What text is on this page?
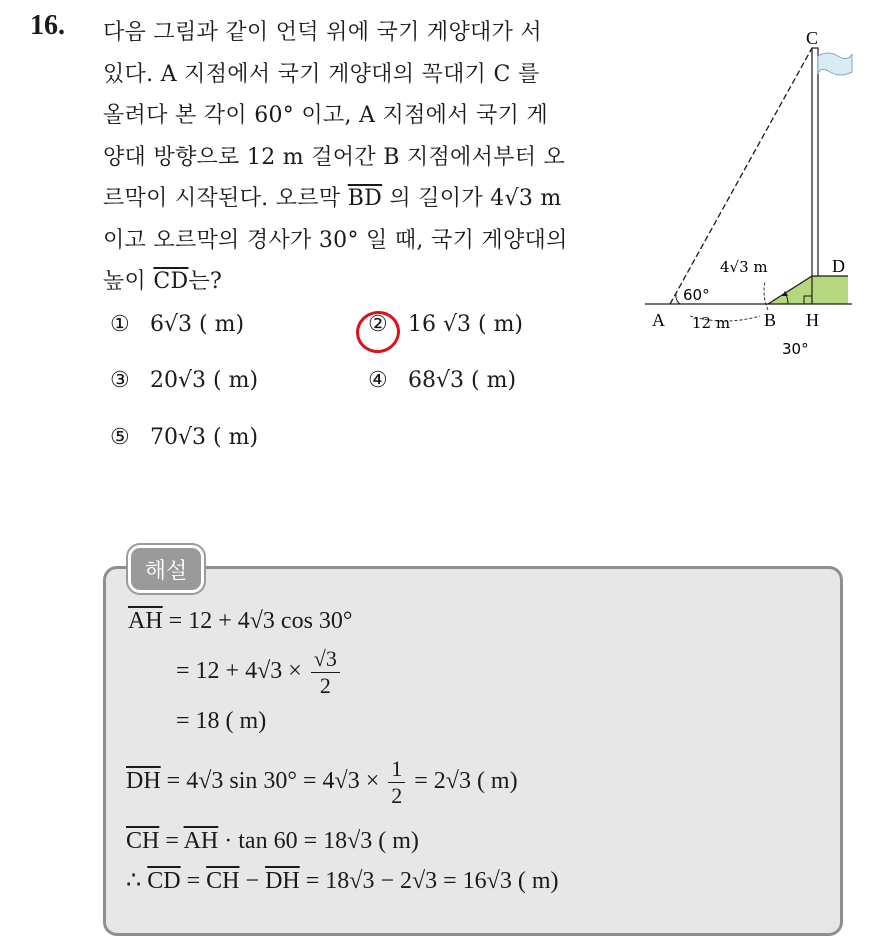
16. 다음 그림과 같이 언덕 위에 국기 게양대가 서
있다. A 지점에서 국기 게양대의 꼭대기 C 를
올려다 본 각이 60° 이고, A 지점에서 국기 게
양대 방향으로 12 m 걸어간 B 지점에서부터 오
르막이 시작된다. 오르막 $\overline{BD}$ 의 길이가 4√3 m
이고 오르막의 경사가 30° 일 때, 국기 게양대의
높이 $\overline{CD}$는?
① 6√3 ( m)	② 16 √3 ( m)
③ 20√3 ( m)	④ 68√3 ( m)
⑤ 70√3 ( m)
C
D
A	B H
60°
12 m
4√3 m
30°
해설
$\overline{AH} = 12 + 4√3$ cos 30°
= $12 + 4√3 \times \frac{√3}{2}$
= 18 ( m)
$\overline{DH} = 4√3$ $\sin 30^\circ = 4√3 \times \frac{1}{2} = 2√3$ ( m)
$\overline{CH} = \overline{AH} \cdot \tan 60 = 18√3$ ( m)
∴ $\overline{CD} = \overline{CH} - \overline{DH} = 18√3 - 2√3 = 16√3$ ( m)
